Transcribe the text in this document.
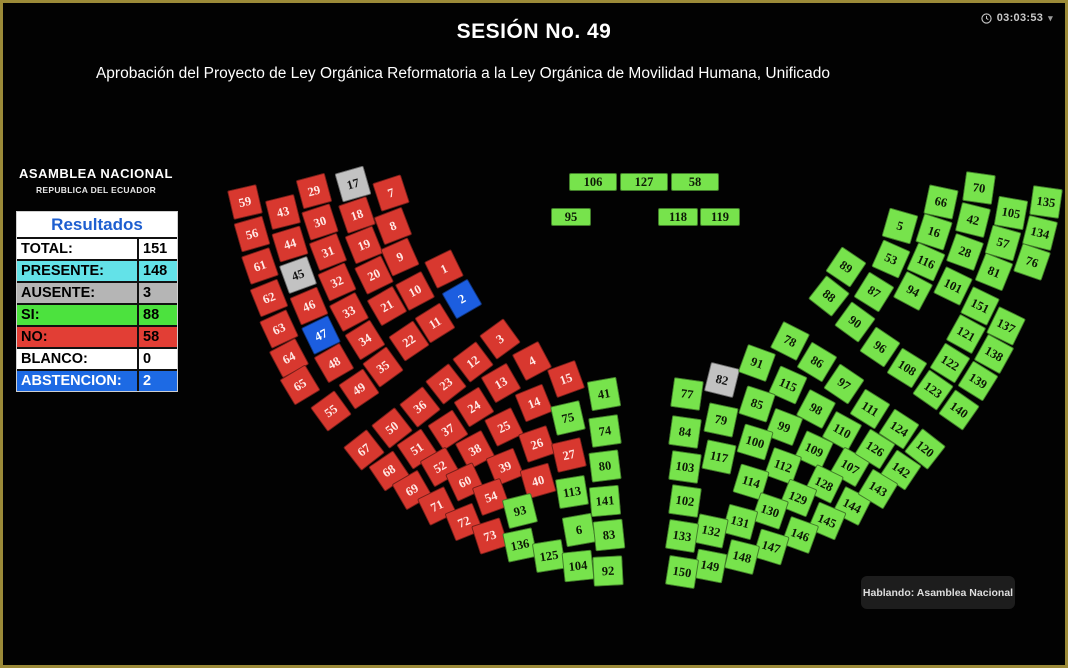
03:03:53 ▾
SESIÓN No. 49
Aprobación del Proyecto de Ley Orgánica Reformatoria a la Ley Orgánica de Movilidad Humana, Unificado
ASAMBLEA NACIONAL
REPUBLICA DEL ECUADOR
Resultados
TOTAL:	151
PRESENTE:	148
AUSENTE:	3
SI:	88
NO:	58
BLANCO:	0
ABSTENCION:	2
59
56
61
62
63
64
65
55
43
44
45
46
47
48
49
29
30
31
32
33
34
35
17
18
19
20
21
22
7
8
9
10
11
1
2
3
4
15
41
12
13
14
75
74
23
24
25
26
27
80
36
37
38
39
40
113
141
50
51
52
60
54
93
6	83
67
68
69
71
72
73
136
125
104	92
106	127	58
95	118	119
77
82
91
78
86
115	97
85	98
79	99	110
84
100	109
117	112
103	107
114
102
128
129
130
131
132
133
144
145
146
147
148
149
150
124
126
142
143
120
89
88
5
53
87
90
66
16
116
94
96
70
42
28
101
108
111
105
57
81
151
121
122
123
135
134
76
137
138
139
140
Hablando: Asamblea Nacional
